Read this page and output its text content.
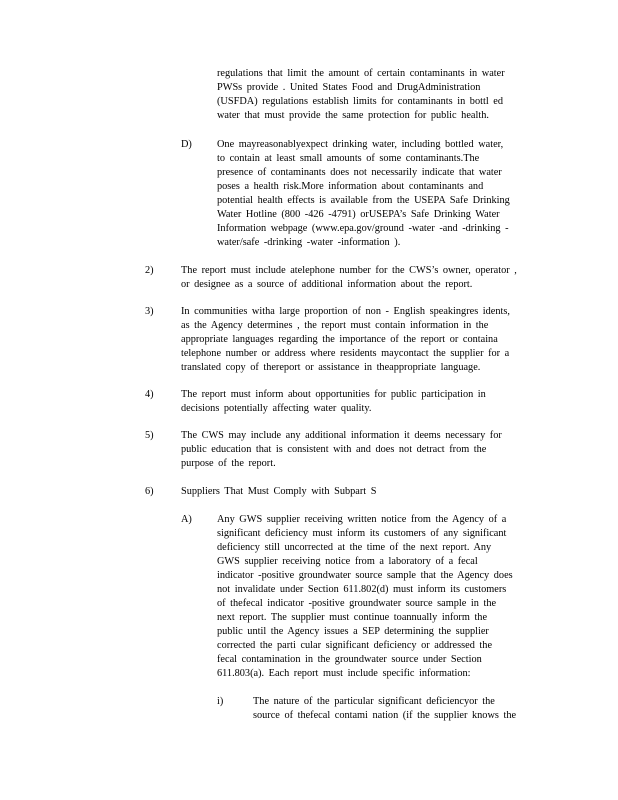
regulations that limit the amount of certain contaminants in water
PWSs provide . United States Food and DrugAdministration
(USFDA) regulations establish limits for contaminants in bottl ed
water that must provide the same protection for public health.
D) One mayreasonablyexpect drinking water, including bottled water,
to contain at least small amounts of some contaminants.The
presence of contaminants does not necessarily indicate that water
poses a health risk.More information about contaminants and
potential health effects is available from the USEPA Safe Drinking
Water Hotline (800 -426 -4791) orUSEPA’s Safe Drinking Water
Information webpage (www.epa.gov/ground -water -and -drinking -
water/safe -drinking -water -information ).
2)	The report must include atelephone number for the CWS’s owner, operator ,
or designee as a source of additional information about the report.
3)	In communities witha large proportion of non - English speakingres idents,
as the Agency determines , the report must contain information in the
appropriate languages regarding the importance of the report or containa
telephone number or address where residents maycontact the supplier for a
translated copy of thereport or assistance in theappropriate language.
4)	The report must inform about opportunities for public participation in
decisions potentially affecting water quality.
5)	The CWS may include any additional information it deems necessary for
public education that is consistent with and does not detract from the
purpose of the report.
6)	Suppliers That Must Comply with Subpart S
A) Any GWS supplier receiving written notice from the Agency of a
significant deficiency must inform its customers of any significant
deficiency still uncorrected at the time of the next report. Any
GWS supplier receiving notice from a laboratory of a fecal
indicator -positive groundwater source sample that the Agency does
not invalidate under Section 611.802(d) must inform its customers
of thefecal indicator -positive groundwater source sample in the
next report. The supplier must continue toannually inform the
public until the Agency issues a SEP determining the supplier
corrected the parti cular significant deficiency or addressed the
fecal contamination in the groundwater source under Section
611.803(a). Each report must include specific information:
i)	The nature of the particular significant deficiencyor the
source of thefecal contami nation (if the supplier knows the
